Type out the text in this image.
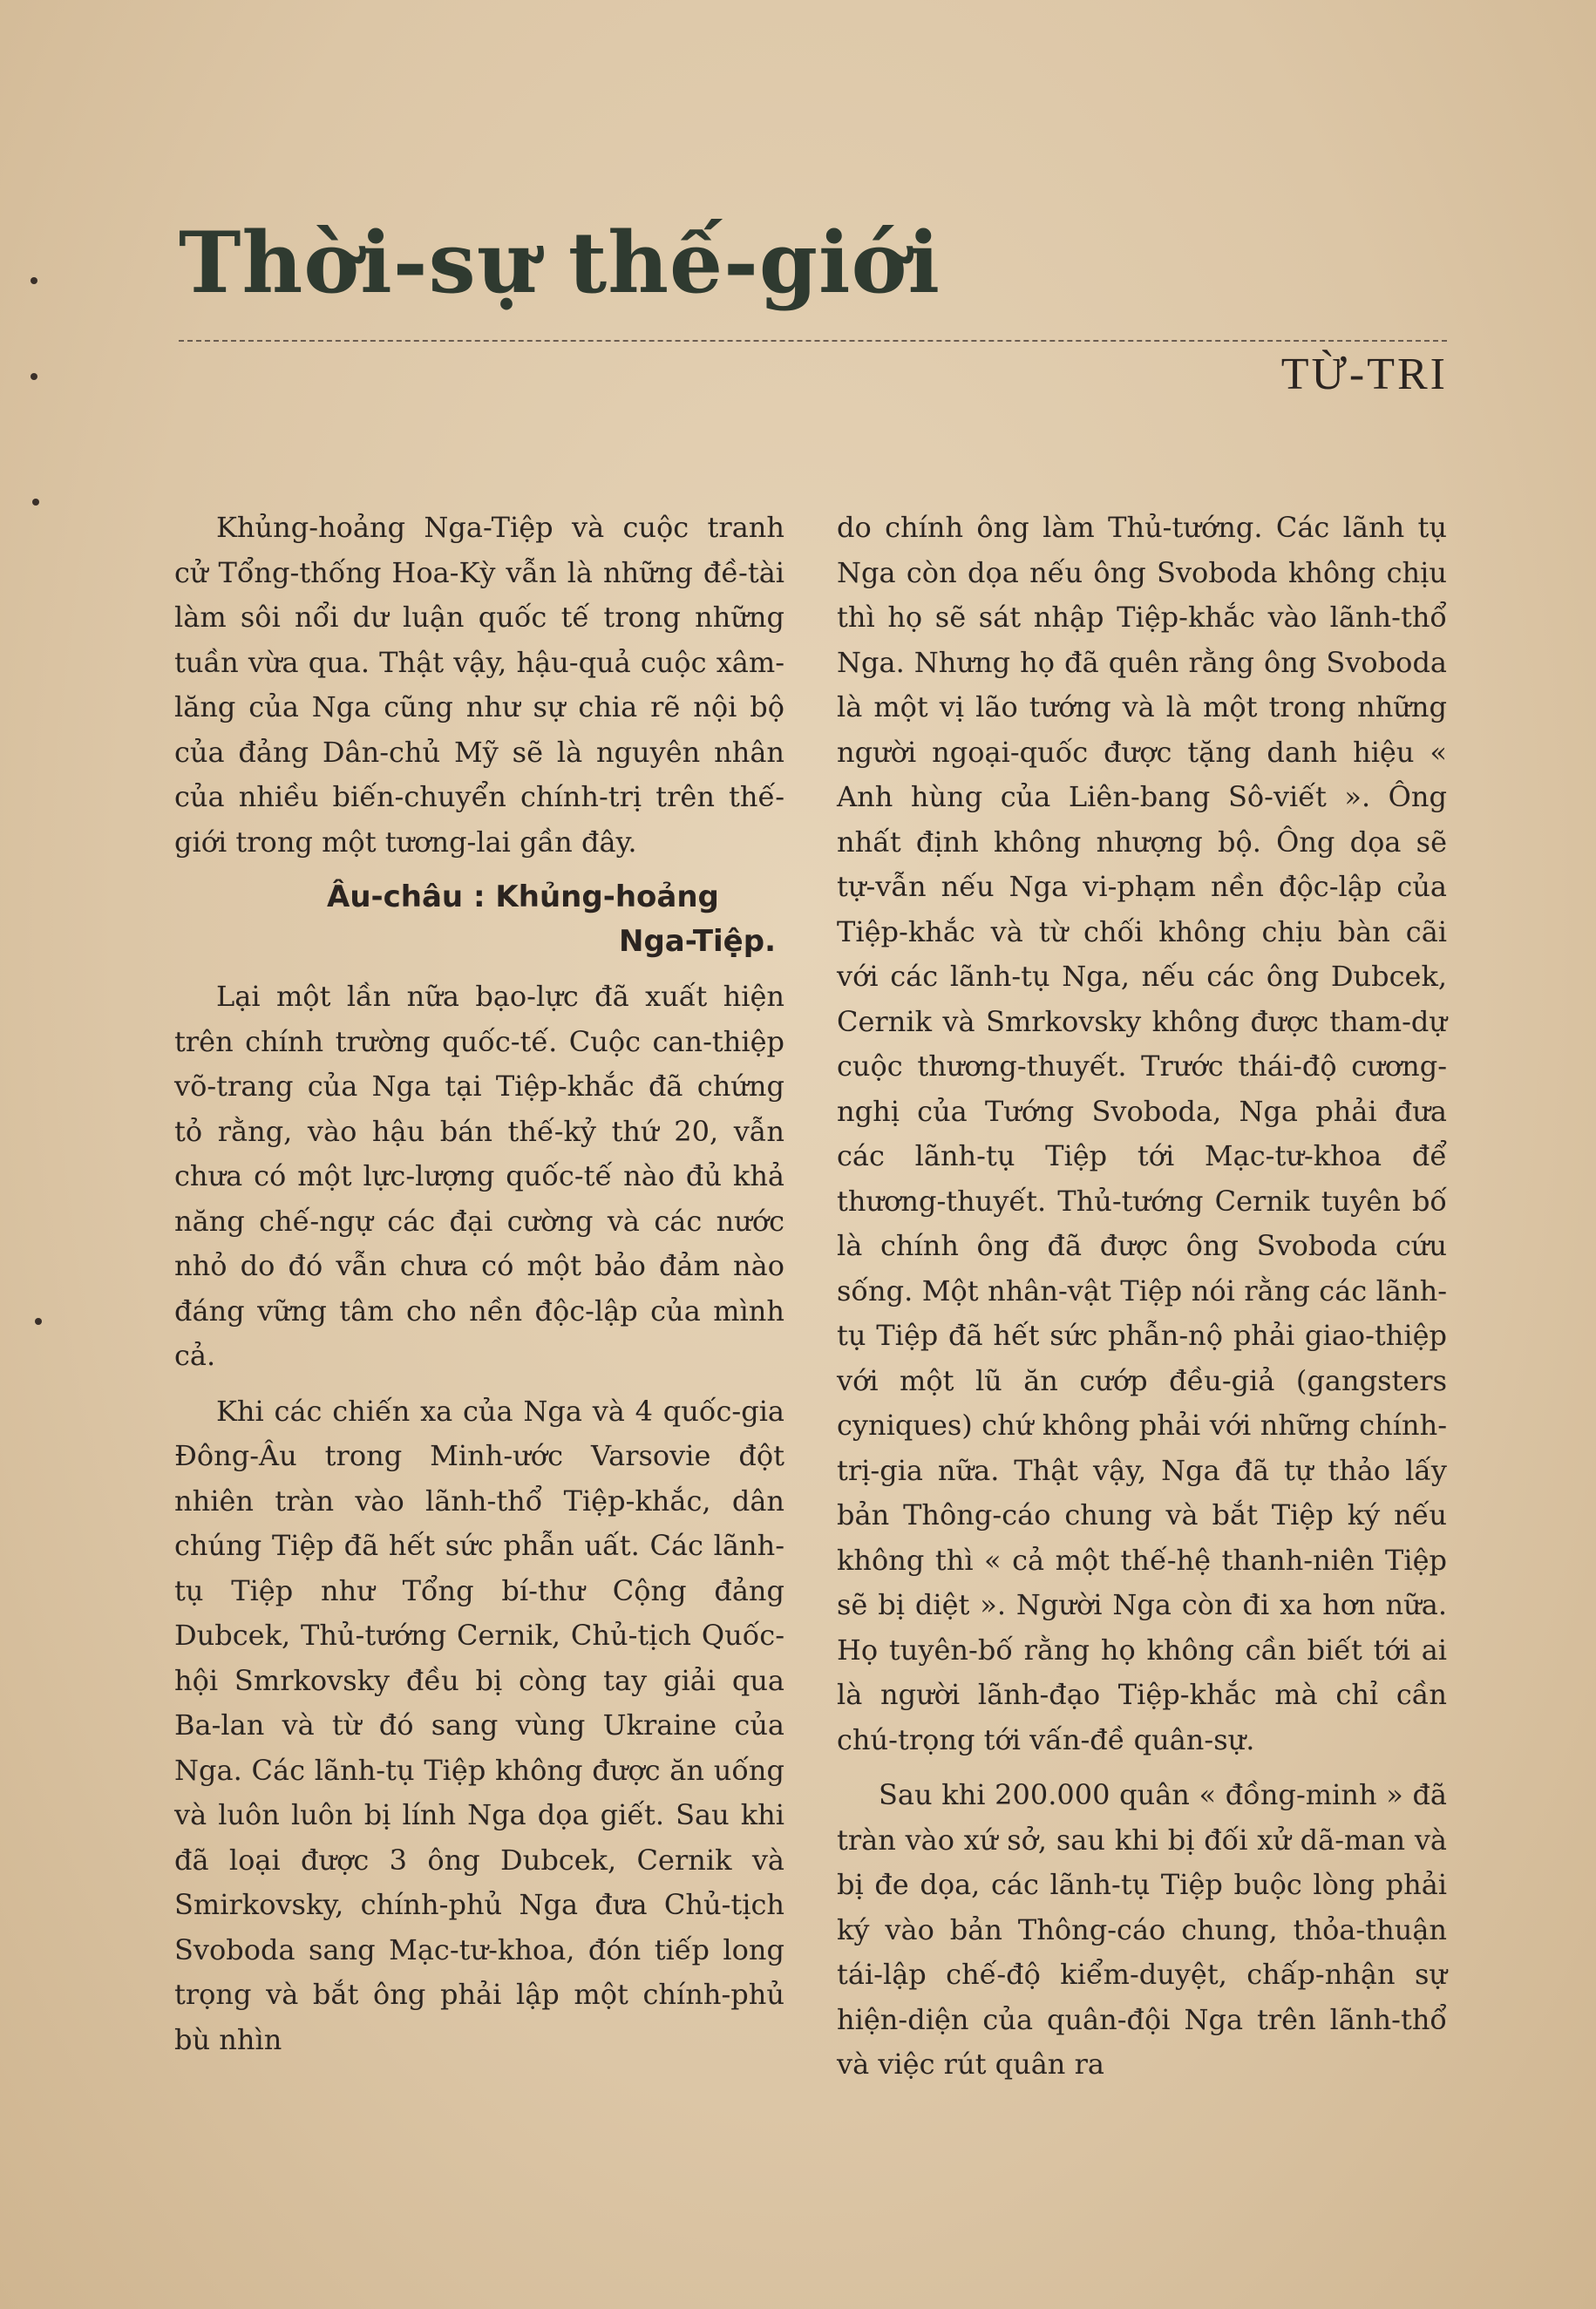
Thời-sự thế-giới
TỪ-TRI

Khủng-hoảng Nga-Tiệp và cuộc tranh cử Tổng-thống Hoa-Kỳ vẫn là những đề-tài làm sôi nổi dư luận quốc tế trong những tuần vừa qua. Thật vậy, hậu-quả cuộc xâm-lăng của Nga cũng như sự chia rẽ nội bộ của đảng Dân-chủ Mỹ sẽ là nguyên nhân của nhiều biến-chuyển chính-trị trên thế-giới trong một tương-lai gần đây.

Âu-châu : Khủng-hoảng
Nga-Tiệp.

Lại một lần nữa bạo-lực đã xuất hiện trên chính trường quốc-tế. Cuộc can-thiệp võ-trang của Nga tại Tiệp-khắc đã chứng tỏ rằng, vào hậu bán thế-kỷ thứ 20, vẫn chưa có một lực-lượng quốc-tế nào đủ khả năng chế-ngự các đại cường và các nước nhỏ do đó vẫn chưa có một bảo đảm nào đáng vững tâm cho nền độc-lập của mình cả.

Khi các chiến xa của Nga và 4 quốc-gia Đông-Âu trong Minh-ước Varsovie đột nhiên tràn vào lãnh-thổ Tiệp-khắc, dân chúng Tiệp đã hết sức phẫn uất. Các lãnh-tụ Tiệp như Tổng bí-thư Cộng đảng Dubcek, Thủ-tướng Cernik, Chủ-tịch Quốc-hội Smrkovsky đều bị còng tay giải qua Ba-lan và từ đó sang vùng Ukraine của Nga. Các lãnh-tụ Tiệp không được ăn uống và luôn luôn bị lính Nga dọa giết. Sau khi đã loại được 3 ông Dubcek, Cernik và Smirkovsky, chính-phủ Nga đưa Chủ-tịch Svoboda sang Mạc-tư-khoa, đón tiếp long trọng và bắt ông phải lập một chính-phủ bù nhìn

do chính ông làm Thủ-tướng. Các lãnh tụ Nga còn dọa nếu ông Svoboda không chịu thì họ sẽ sát nhập Tiệp-khắc vào lãnh-thổ Nga. Nhưng họ đã quên rằng ông Svoboda là một vị lão tướng và là một trong những người ngoại-quốc được tặng danh hiệu « Anh hùng của Liên-bang Sô-viết ». Ông nhất định không nhượng bộ. Ông dọa sẽ tự-vẫn nếu Nga vi-phạm nền độc-lập của Tiệp-khắc và từ chối không chịu bàn cãi với các lãnh-tụ Nga, nếu các ông Dubcek, Cernik và Smrkovsky không được tham-dự cuộc thương-thuyết. Trước thái-độ cương-nghị của Tướng Svoboda, Nga phải đưa các lãnh-tụ Tiệp tới Mạc-tư-khoa để thương-thuyết. Thủ-tướng Cernik tuyên bố là chính ông đã được ông Svoboda cứu sống. Một nhân-vật Tiệp nói rằng các lãnh-tụ Tiệp đã hết sức phẫn-nộ phải giao-thiệp với một lũ ăn cướp đều-giả (gangsters cyniques) chứ không phải với những chính-trị-gia nữa. Thật vậy, Nga đã tự thảo lấy bản Thông-cáo chung và bắt Tiệp ký nếu không thì « cả một thế-hệ thanh-niên Tiệp sẽ bị diệt ». Người Nga còn đi xa hơn nữa. Họ tuyên-bố rằng họ không cần biết tới ai là người lãnh-đạo Tiệp-khắc mà chỉ cần chú-trọng tới vấn-đề quân-sự.

Sau khi 200.000 quân « đồng-minh » đã tràn vào xứ sở, sau khi bị đối xử dã-man và bị đe dọa, các lãnh-tụ Tiệp buộc lòng phải ký vào bản Thông-cáo chung, thỏa-thuận tái-lập chế-độ kiểm-duyệt, chấp-nhận sự hiện-diện của quân-đội Nga trên lãnh-thổ và việc rút quân ra
